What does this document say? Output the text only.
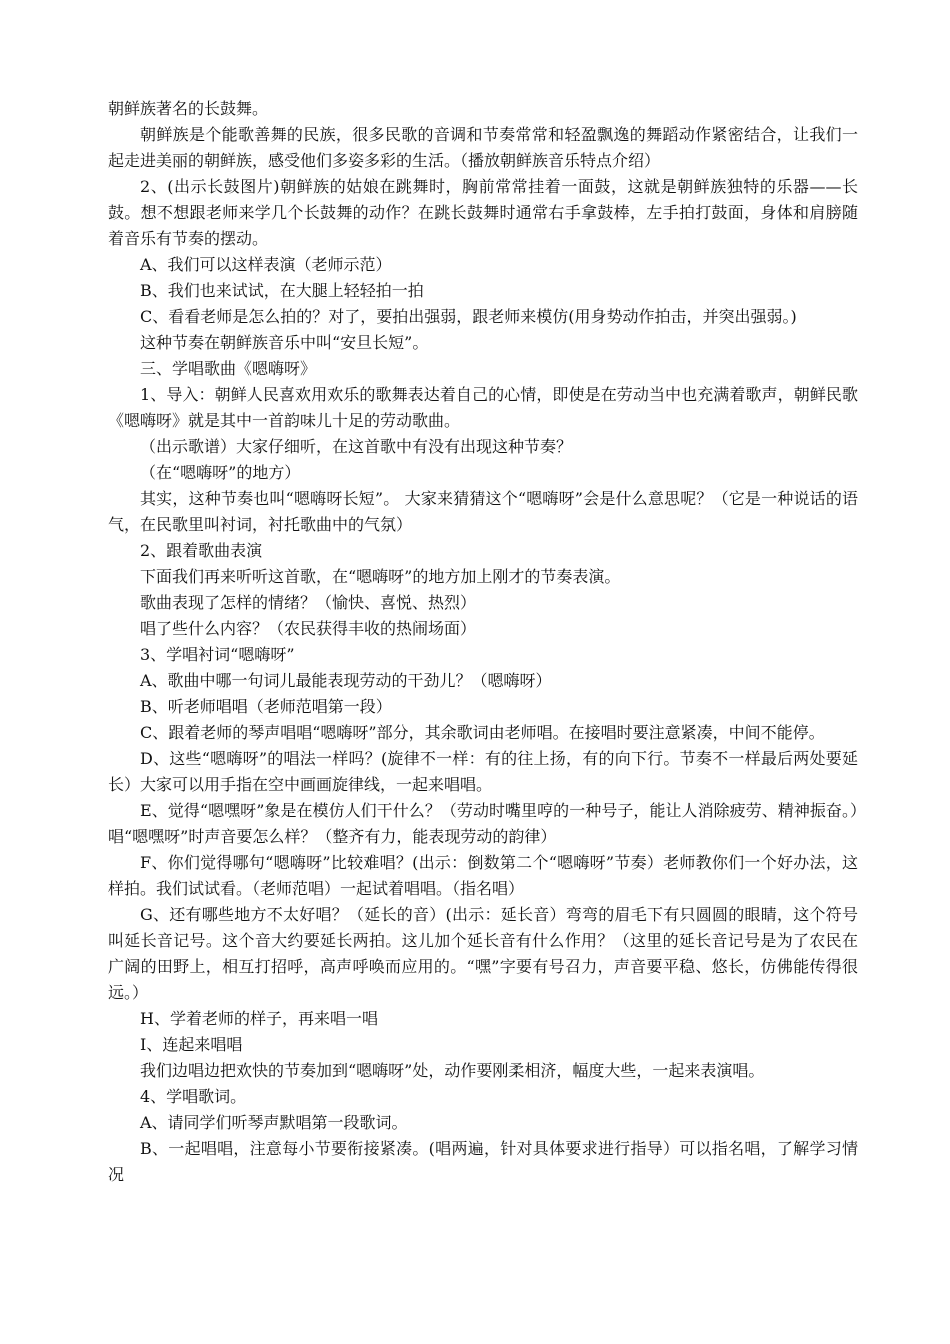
朝鲜族著名的长鼓舞。

朝鲜族是个能歌善舞的民族，很多民歌的音调和节奏常常和轻盈飘逸的舞蹈动作紧密结合，让我们一起走进美丽的朝鲜族，感受他们多姿多彩的生活。（播放朝鲜族音乐特点介绍）

2、(出示长鼓图片)朝鲜族的姑娘在跳舞时，胸前常常挂着一面鼓，这就是朝鲜族独特的乐器——长鼓。想不想跟老师来学几个长鼓舞的动作？在跳长鼓舞时通常右手拿鼓棒，左手拍打鼓面，身体和肩膀随着音乐有节奏的摆动。

A、我们可以这样表演（老师示范）

B、我们也来试试，在大腿上轻轻拍一拍

C、看看老师是怎么拍的？对了，要拍出强弱，跟老师来模仿(用身势动作拍击，并突出强弱。)

这种节奏在朝鲜族音乐中叫“安旦长短”。

三、学唱歌曲《嗯嗨呀》

1、导入：朝鲜人民喜欢用欢乐的歌舞表达着自己的心情，即使是在劳动当中也充满着歌声，朝鲜民歌《嗯嗨呀》就是其中一首韵味儿十足的劳动歌曲。

（出示歌谱）大家仔细听，在这首歌中有没有出现这种节奏？

（在“嗯嗨呀”的地方）

其实，这种节奏也叫“嗯嗨呀长短”。 大家来猜猜这个“嗯嗨呀”会是什么意思呢？（它是一种说话的语气，在民歌里叫衬词，衬托歌曲中的气氛）

2、跟着歌曲表演

下面我们再来听听这首歌，在“嗯嗨呀”的地方加上刚才的节奏表演。

歌曲表现了怎样的情绪？（愉快、喜悦、热烈）

唱了些什么内容？（农民获得丰收的热闹场面）

3、学唱衬词“嗯嗨呀”

A、歌曲中哪一句词儿最能表现劳动的干劲儿？（嗯嗨呀）

B、听老师唱唱（老师范唱第一段）

C、跟着老师的琴声唱唱“嗯嗨呀”部分，其余歌词由老师唱。在接唱时要注意紧凑，中间不能停。

D、这些“嗯嗨呀”的唱法一样吗？(旋律不一样：有的往上扬，有的向下行。节奏不一样最后两处要延长）大家可以用手指在空中画画旋律线，一起来唱唱。

E、觉得“嗯嘿呀”象是在模仿人们干什么？（劳动时嘴里哼的一种号子，能让人消除疲劳、精神振奋。）唱“嗯嘿呀”时声音要怎么样？（整齐有力，能表现劳动的韵律）

F、你们觉得哪句“嗯嗨呀”比较难唱？(出示：倒数第二个“嗯嗨呀”节奏）老师教你们一个好办法，这样拍。我们试试看。（老师范唱）一起试着唱唱。（指名唱）

G、还有哪些地方不太好唱？（延长的音）(出示：延长音）弯弯的眉毛下有只圆圆的眼睛，这个符号叫延长音记号。这个音大约要延长两拍。这儿加个延长音有什么作用？（这里的延长音记号是为了农民在广阔的田野上，相互打招呼，高声呼唤而应用的。“嘿”字要有号召力，声音要平稳、悠长，仿佛能传得很远。）

H、学着老师的样子，再来唱一唱

I、连起来唱唱

我们边唱边把欢快的节奏加到“嗯嗨呀”处，动作要刚柔相济，幅度大些，一起来表演唱。

4、学唱歌词。

A、请同学们听琴声默唱第一段歌词。

B、一起唱唱，注意每小节要衔接紧凑。(唱两遍，针对具体要求进行指导）可以指名唱，了解学习情况
